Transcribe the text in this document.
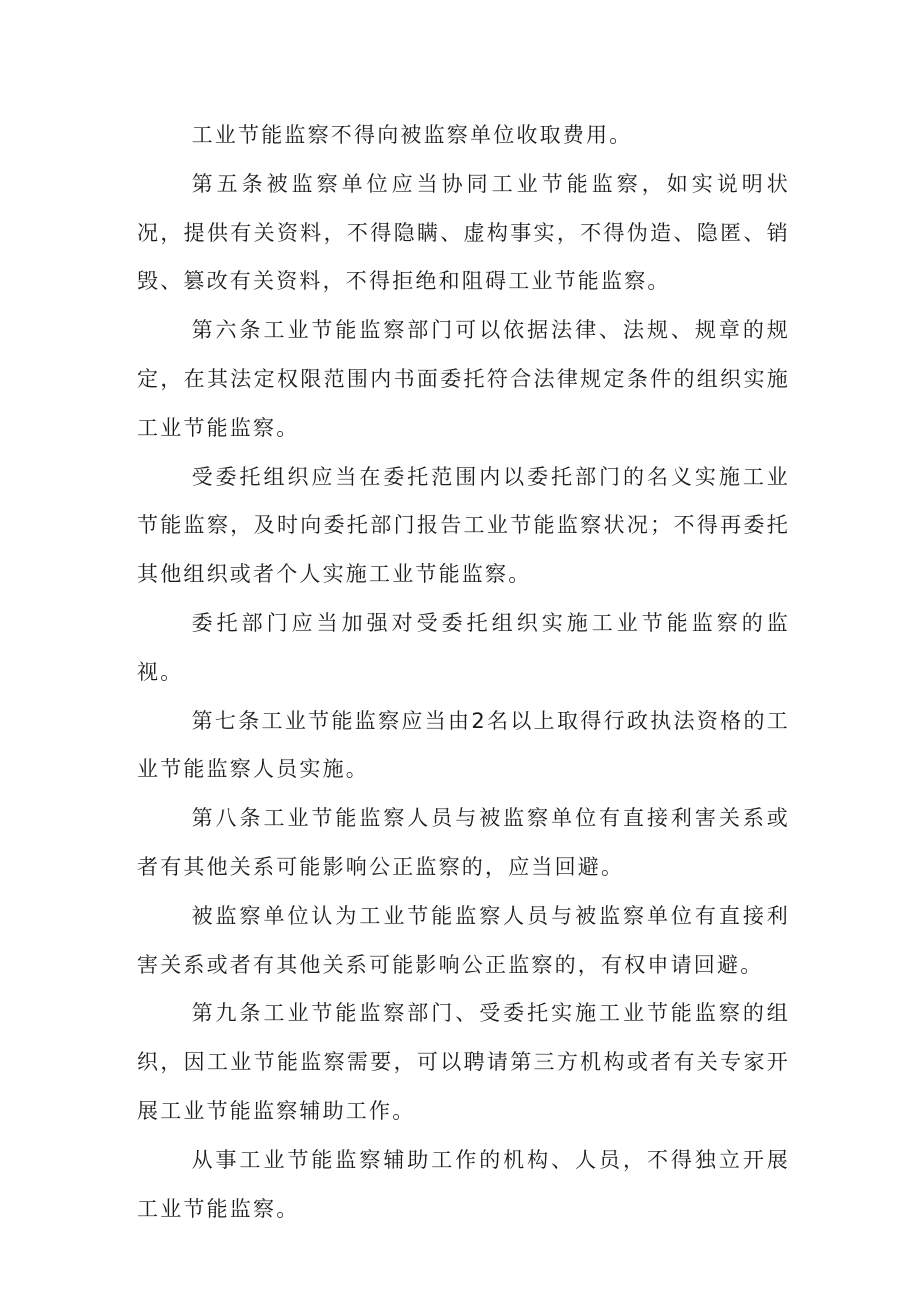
工业节能监察不得向被监察单位收取费用。

第五条被监察单位应当协同工业节能监察，如实说明状况，提供有关资料，不得隐瞒、虚构事实，不得伪造、隐匿、销毁、篡改有关资料，不得拒绝和阻碍工业节能监察。

第六条工业节能监察部门可以依据法律、法规、规章的规定，在其法定权限范围内书面委托符合法律规定条件的组织实施工业节能监察。

受委托组织应当在委托范围内以委托部门的名义实施工业节能监察，及时向委托部门报告工业节能监察状况；不得再委托其他组织或者个人实施工业节能监察。

委托部门应当加强对受委托组织实施工业节能监察的监视。

第七条工业节能监察应当由2名以上取得行政执法资格的工业节能监察人员实施。

第八条工业节能监察人员与被监察单位有直接利害关系或者有其他关系可能影响公正监察的，应当回避。

被监察单位认为工业节能监察人员与被监察单位有直接利害关系或者有其他关系可能影响公正监察的，有权申请回避。

第九条工业节能监察部门、受委托实施工业节能监察的组织，因工业节能监察需要，可以聘请第三方机构或者有关专家开展工业节能监察辅助工作。

从事工业节能监察辅助工作的机构、人员，不得独立开展工业节能监察。
